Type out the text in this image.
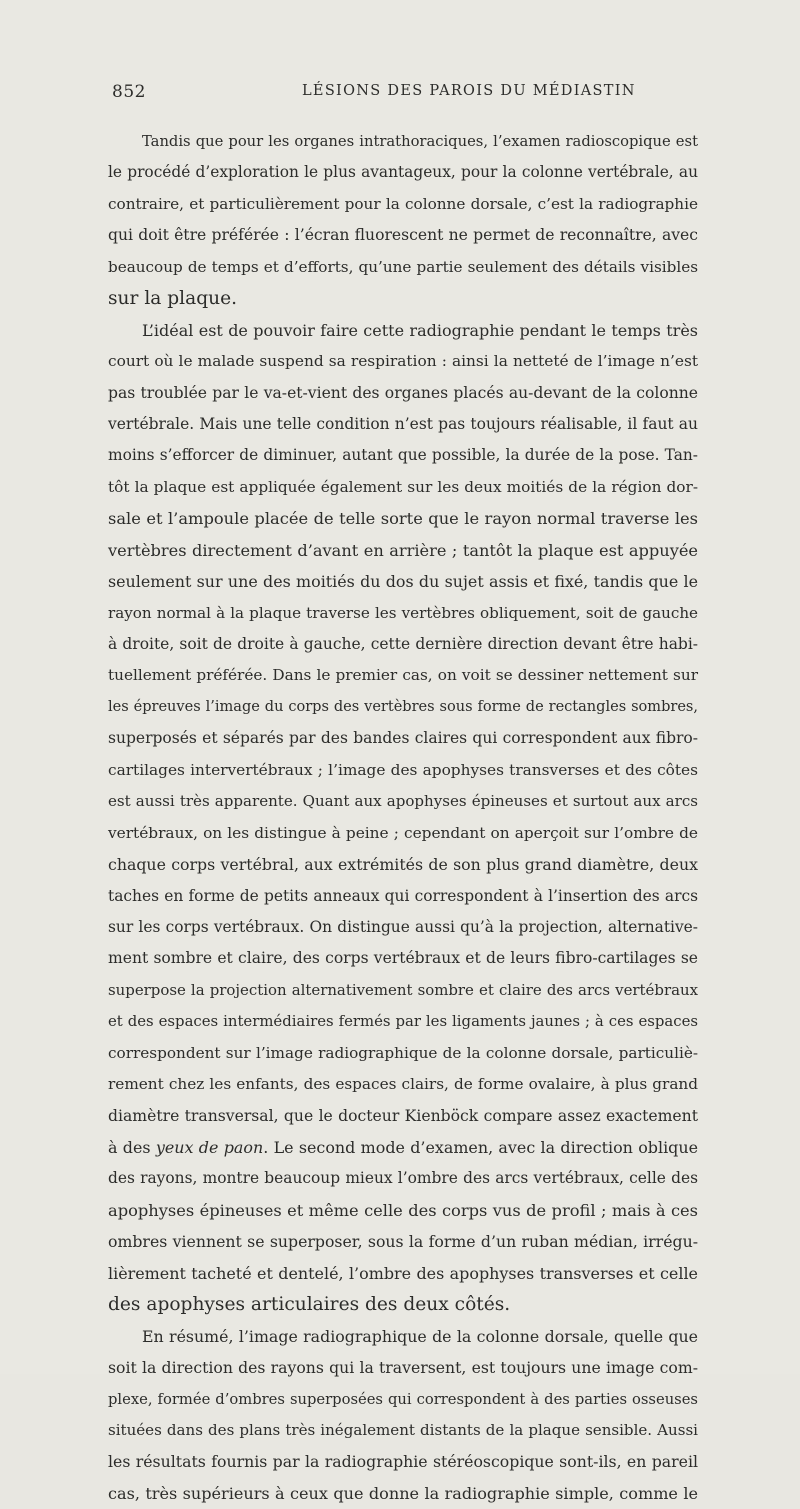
852	LÉSIONS DES PAROIS DU MÉDIASTIN
Tandis que pour les organes intrathoraciques, l’examen radioscopique est
le procédé d’exploration le plus avantageux, pour la colonne vertébrale, au
contraire, et particulièrement pour la colonne dorsale, c’est la radiographie
qui doit être préférée : l’écran fluorescent ne permet de reconnaître, avec
beaucoup de temps et d’efforts, qu’une partie seulement des détails visibles
sur la plaque.
L’idéal est de pouvoir faire cette radiographie pendant le temps très
court où le malade suspend sa respiration : ainsi la netteté de l’image n’est
pas troublée par le va-et-vient des organes placés au-devant de la colonne
vertébrale. Mais une telle condition n’est pas toujours réalisable, il faut au
moins s’efforcer de diminuer, autant que possible, la durée de la pose. Tan-
tôt la plaque est appliquée également sur les deux moitiés de la région dor-
sale et l’ampoule placée de telle sorte que le rayon normal traverse les
vertèbres directement d’avant en arrière ; tantôt la plaque est appuyée
seulement sur une des moitiés du dos du sujet assis et fixé, tandis que le
rayon normal à la plaque traverse les vertèbres obliquement, soit de gauche
à droite, soit de droite à gauche, cette dernière direction devant être habi-
tuellement préférée. Dans le premier cas, on voit se dessiner nettement sur
les épreuves l’image du corps des vertèbres sous forme de rectangles sombres,
superposés et séparés par des bandes claires qui correspondent aux fibro-
cartilages intervertébraux ; l’image des apophyses transverses et des côtes
est aussi très apparente. Quant aux apophyses épineuses et surtout aux arcs
vertébraux, on les distingue à peine ; cependant on aperçoit sur l’ombre de
chaque corps vertébral, aux extrémités de son plus grand diamètre, deux
taches en forme de petits anneaux qui correspondent à l’insertion des arcs
sur les corps vertébraux. On distingue aussi qu’à la projection, alternative-
ment sombre et claire, des corps vertébraux et de leurs fibro-cartilages se
superpose la projection alternativement sombre et claire des arcs vertébraux
et des espaces intermédiaires fermés par les ligaments jaunes ; à ces espaces
correspondent sur l’image radiographique de la colonne dorsale, particuliè-
rement chez les enfants, des espaces clairs, de forme ovalaire, à plus grand
diamètre transversal, que le docteur Kienböck compare assez exactement
à des yeux de paon. Le second mode d’examen, avec la direction oblique
des rayons, montre beaucoup mieux l’ombre des arcs vertébraux, celle des
apophyses épineuses et même celle des corps vus de profil ; mais à ces
ombres viennent se superposer, sous la forme d’un ruban médian, irrégu-
lièrement tacheté et dentelé, l’ombre des apophyses transverses et celle
des apophyses articulaires des deux côtés.
En résumé, l’image radiographique de la colonne dorsale, quelle que
soit la direction des rayons qui la traversent, est toujours une image com-
plexe, formée d’ombres superposées qui correspondent à des parties osseuses
situées dans des plans très inégalement distants de la plaque sensible. Aussi
les résultats fournis par la radiographie stéréoscopique sont-ils, en pareil
cas, très supérieurs à ceux que donne la radiographie simple, comme le
